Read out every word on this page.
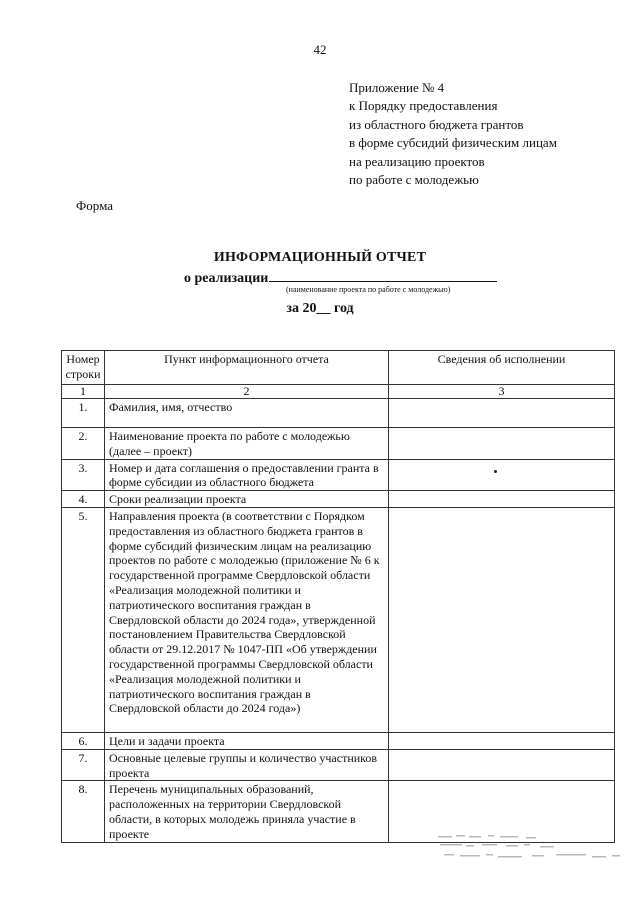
42
Приложение № 4
к Порядку предоставления
из областного бюджета грантов
в форме субсидий физическим лицам
на реализацию проектов
по работе с молодежью
Форма
ИНФОРМАЦИОННЫЙ ОТЧЕТ
о реализации
(наименование проекта по работе с молодежью)
за 20__ год
Номер строки	Пункт информационного отчета	Сведения об исполнении
1	2	3
1.	Фамилия, имя, отчество	
2.	Наименование проекта по работе с молодежью (далее – проект)	
3.	Номер и дата соглашения о предоставлении гранта в форме субсидии из областного бюджета	
4.	Сроки реализации проекта	
5.	Направления проекта (в соответствии с Порядком предоставления из областного бюджета грантов в форме субсидий физическим лицам на реализацию проектов по работе с молодежью (приложение № 6 к государственной программе Свердловской области «Реализация молодежной политики и патриотического воспитания граждан в Свердловской области до 2024 года», утвержденной постановлением Правительства Свердловской области от 29.12.2017 № 1047-ПП «Об утверждении государственной программы Свердловской области «Реализация молодежной политики и патриотического воспитания граждан в Свердловской области до 2024 года»)	
6.	Цели и задачи проекта	
7.	Основные целевые группы и количество участников проекта	
8.	Перечень муниципальных образований, расположенных на территории Свердловской области, в которых молодежь приняла участие в проекте	
